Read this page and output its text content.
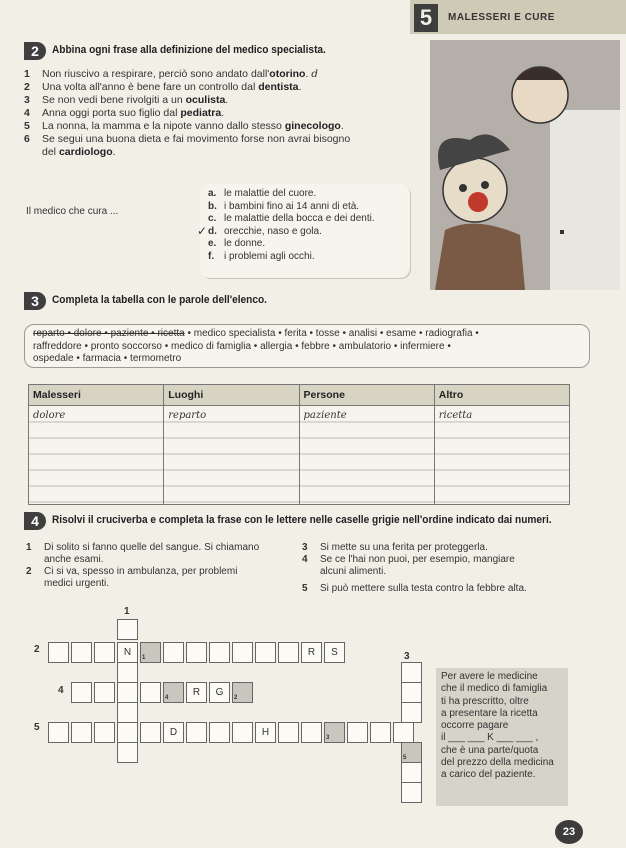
5	MALESSERI E CURE
2	Abbina ogni frase alla definizione del medico specialista.
1 Non riuscivo a respirare, perciò sono andato dall'otorino. d
2 Una volta all'anno è bene fare un controllo dal dentista.
3 Se non vedi bene rivolgiti a un oculista.
4 Anna oggi porta suo figlio dal pediatra.
5 La nonna, la mamma e la nipote vanno dallo stesso ginecologo.
6 Se segui una buona dieta e fai movimento forse non avrai bisogno
del cardiologo.
Il medico che cura ...
a. le malattie del cuore.
b. i bambini fino ai 14 anni di età.
c. le malattie della bocca e dei denti.
✓ d. orecchie, naso e gola.
e. le donne.
f. i problemi agli occhi.
3	Completa la tabella con le parole dell'elenco.
reparto • dolore • paziente • ricetta • medico specialista • ferita • tosse • analisi • esame • radiografia •
raffreddore • pronto soccorso • medico di famiglia • allergia • febbre • ambulatorio • infermiere •
ospedale • farmacia • termometro
Malesseri	Luoghi	Persone	Altro
dolore	reparto	paziente	ricetta
4	Risolvi il cruciverba e completa la frase con le lettere nelle caselle grigie nell'ordine indicato dai numeri.
1 Di solito si fanno quelle del sangue. Si chiamano
anche esami.
2 Ci si va, spesso in ambulanza, per problemi
medici urgenti.
3 Si mette su una ferita per proteggerla.
4 Se ce l'hai non puoi, per esempio, mangiare
alcuni alimenti.
5 Si può mettere sulla testa contro la febbre alta.
1
2
3
4
5
N	1	R	S
4	R	G	2
D	H	3
5
Per avere le medicine
che il medico di famiglia
ti ha prescritto, oltre
a presentare la ricetta
occorre pagare
il ___ ___ K ___ ___ ,
che è una parte/quota
del prezzo della medicina
a carico del paziente.
23
